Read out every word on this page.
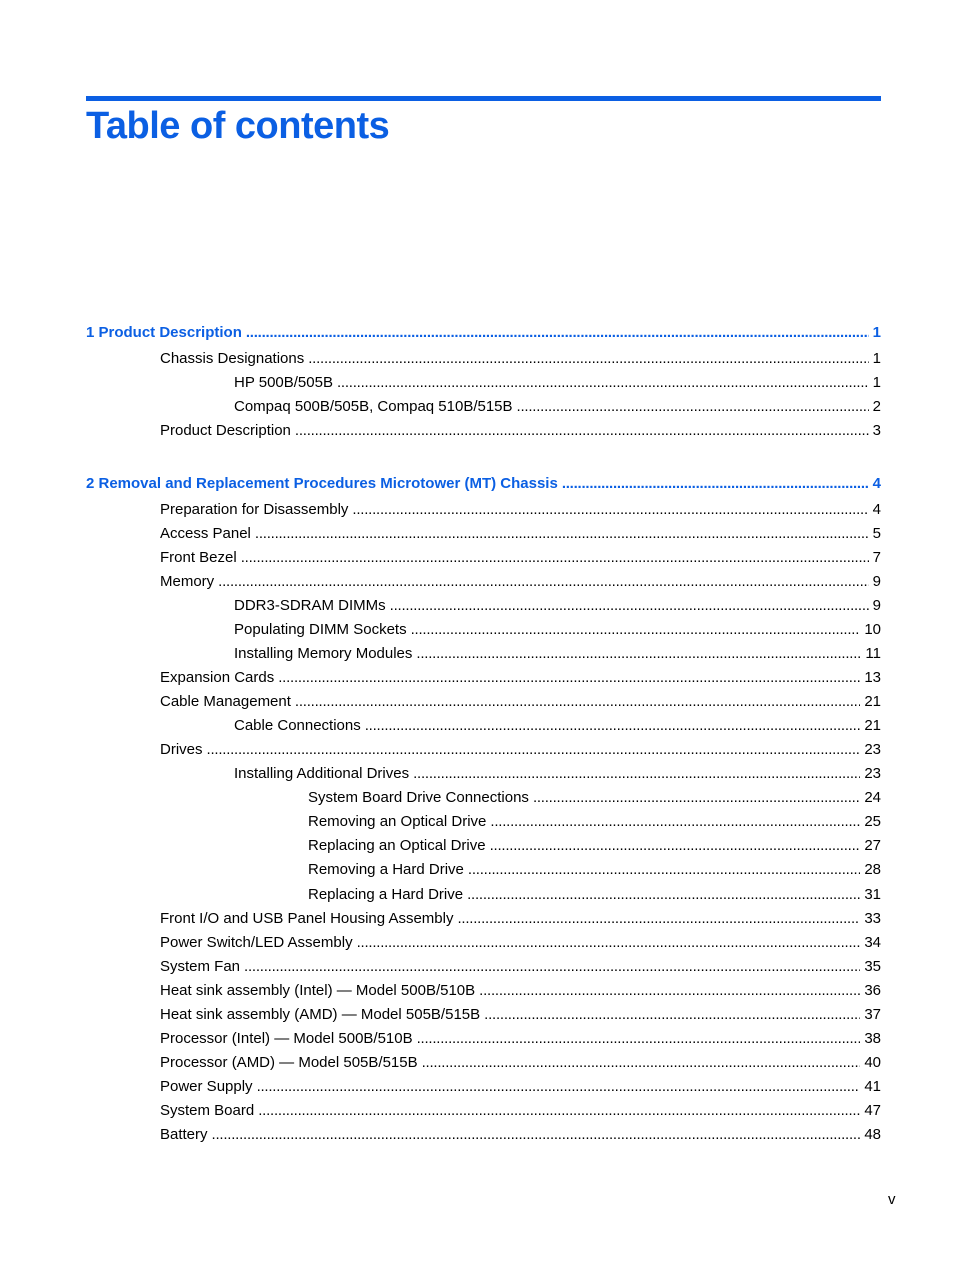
Table of contents
1 Product Description . . .	1
Chassis Designations . . .	1
HP 500B/505B . . .	1
Compaq 500B/505B, Compaq 510B/515B . . .	2
Product Description . . .	3
2 Removal and Replacement Procedures Microtower (MT) Chassis . . .	4
Preparation for Disassembly . . .	4
Access Panel . . .	5
Front Bezel . . .	7
Memory . . .	9
DDR3-SDRAM DIMMs . . .	9
Populating DIMM Sockets . . .	10
Installing Memory Modules . . .	11
Expansion Cards . . .	13
Cable Management . . .	21
Cable Connections . . .	21
Drives . . .	23
Installing Additional Drives . . .	23
System Board Drive Connections . . .	24
Removing an Optical Drive . . .	25
Replacing an Optical Drive . . .	27
Removing a Hard Drive . . .	28
Replacing a Hard Drive . . .	31
Front I/O and USB Panel Housing Assembly . . .	33
Power Switch/LED Assembly . . .	34
System Fan . . .	35
Heat sink assembly (Intel) — Model 500B/510B . . .	36
Heat sink assembly (AMD) — Model 505B/515B . . .	37
Processor (Intel) — Model 500B/510B . . .	38
Processor (AMD) — Model 505B/515B . . .	40
Power Supply . . .	41
System Board . . .	47
Battery . . .	48
v
